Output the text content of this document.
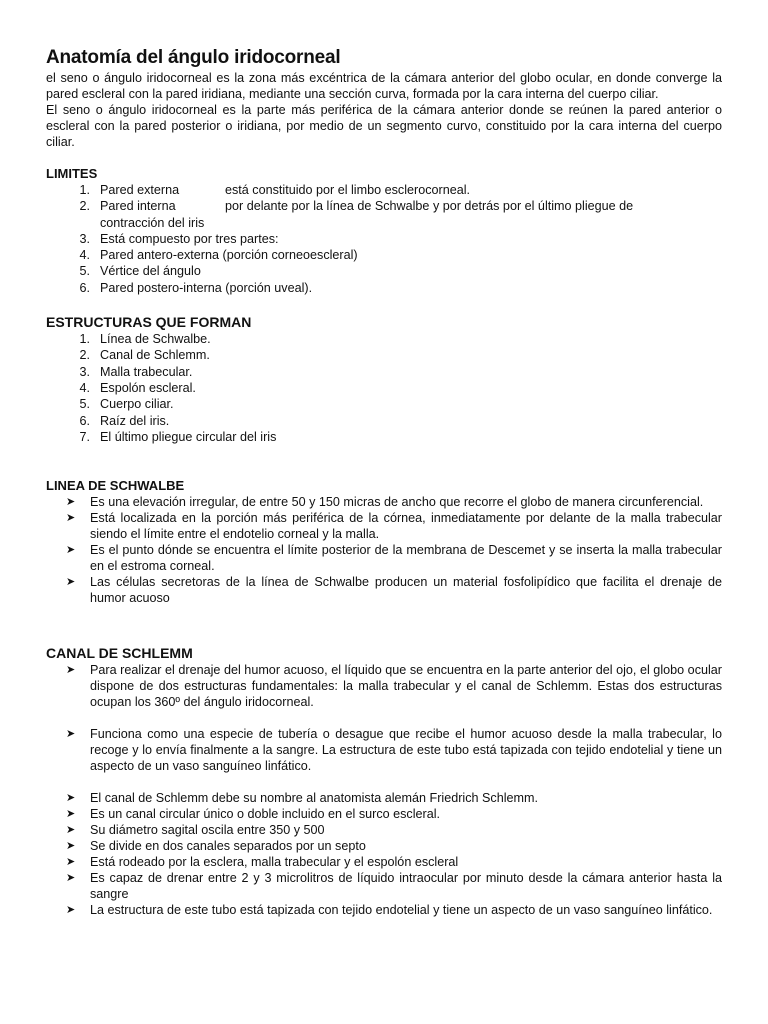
Anatomía del ángulo iridocorneal

el seno o ángulo iridocorneal es la zona más excéntrica de la cámara anterior del globo ocular, en donde converge la pared escleral con la pared iridiana, mediante una sección curva, formada por la cara interna del cuerpo ciliar.

El seno o ángulo iridocorneal es la parte más periférica de la cámara anterior donde se reúnen la pared anterior o escleral con la pared posterior o iridiana, por medio de un segmento curvo, constituido por la cara interna del cuerpo ciliar.

LIMITES
1. Pared externa	está constituido por el limbo esclerocorneal.
2. Pared interna	por delante por la línea de Schwalbe y por detrás por el último pliegue de
contracción del iris
3. Está compuesto por tres partes:
4. Pared antero-externa (porción corneoescleral)
5. Vértice del ángulo
6. Pared postero-interna (porción uveal).
ESTRUCTURAS QUE FORMAN
1. Línea de Schwalbe.
2. Canal de Schlemm.
3. Malla trabecular.
4. Espolón escleral.
5. Cuerpo ciliar.
6. Raíz del iris.
7. El último pliegue circular del iris
LINEA DE SCHWALBE
➤	Es una elevación irregular, de entre 50 y 150 micras de ancho que recorre el globo de manera circunferencial.
➤	Está localizada en la porción más periférica de la córnea, inmediatamente por delante de la malla trabecular siendo el límite entre el endotelio corneal y la malla.
➤	Es el punto dónde se encuentra el límite posterior de la membrana de Descemet y se inserta la malla trabecular en el estroma corneal.
➤	Las células secretoras de la línea de Schwalbe producen un material fosfolipídico que facilita el drenaje de humor acuoso
CANAL DE SCHLEMM
➤	Para realizar el drenaje del humor acuoso, el líquido que se encuentra en la parte anterior del ojo, el globo ocular dispone de dos estructuras fundamentales: la malla trabecular y el canal de Schlemm. Estas dos estructuras ocupan los 360º del ángulo iridocorneal.
➤	Funciona como una especie de tubería o desague que recibe el humor acuoso desde la malla trabecular, lo recoge y lo envía finalmente a la sangre. La estructura de este tubo está tapizada con tejido endotelial y tiene un aspecto de un vaso sanguíneo linfático.
➤	El canal de Schlemm debe su nombre al anatomista alemán Friedrich Schlemm.
➤	Es un canal circular único o doble incluido en el surco escleral.
➤	Su diámetro sagital oscila entre 350 y 500
➤	Se divide en dos canales separados por un septo
➤	Está rodeado por la esclera, malla trabecular y el espolón escleral
➤	Es capaz de drenar entre 2 y 3 microlitros de líquido intraocular por minuto desde la cámara anterior hasta la sangre
➤	La estructura de este tubo está tapizada con tejido endotelial y tiene un aspecto de un vaso sanguíneo linfático.
